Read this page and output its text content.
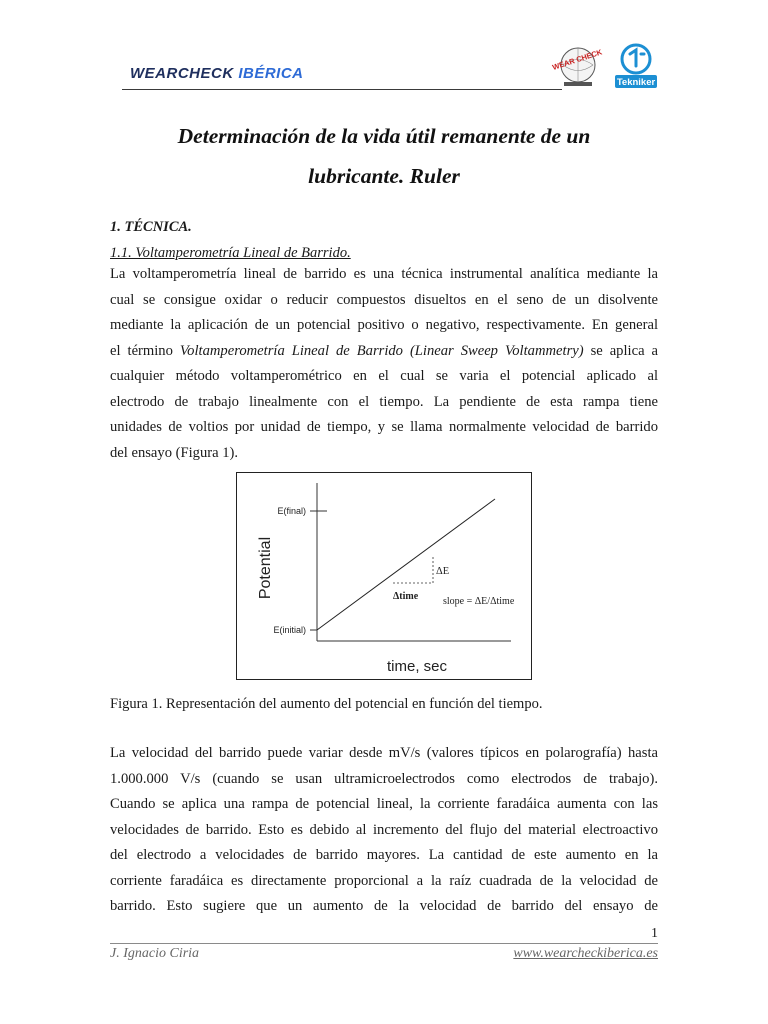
WEARCHECK IBÉRICA
WEAR CHECK
Tekniker
Determinación de la vida útil remanente de un
lubricante. Ruler
1. TÉCNICA.
1.1. Voltamperometría Lineal de Barrido.
La voltamperometría lineal de barrido es una técnica instrumental analítica mediante la
cual se consigue oxidar o reducir compuestos disueltos en el seno de un disolvente
mediante la aplicación de un potencial positivo o negativo, respectivamente. En general
el término Voltamperometría Lineal de Barrido (Linear Sweep Voltammetry) se aplica a
cualquier método voltamperométrico en el cual se varia el potencial aplicado al
electrodo de trabajo linealmente con el tiempo. La pendiente de esta rampa tiene
unidades de voltios por unidad de tiempo, y se llama normalmente velocidad de barrido
del ensayo (Figura 1).
E(final)
E(initial)
ΔE
Δtime slope = ΔE/Δtime
Potential
time, sec
Figura 1. Representación del aumento del potencial en función del tiempo.
La velocidad del barrido puede variar desde mV/s (valores típicos en polarografía) hasta
1.000.000 V/s (cuando se usan ultramicroelectrodos como electrodos de trabajo).
Cuando se aplica una rampa de potencial lineal, la corriente faradáica aumenta con las
velocidades de barrido. Esto es debido al incremento del flujo del material electroactivo
del electrodo a velocidades de barrido mayores. La cantidad de este aumento en la
corriente faradáica es directamente proporcional a la raíz cuadrada de la velocidad de
barrido. Esto sugiere que un aumento de la velocidad de barrido del ensayo de
1
J. Ignacio Ciria	www.wearcheckiberica.es
